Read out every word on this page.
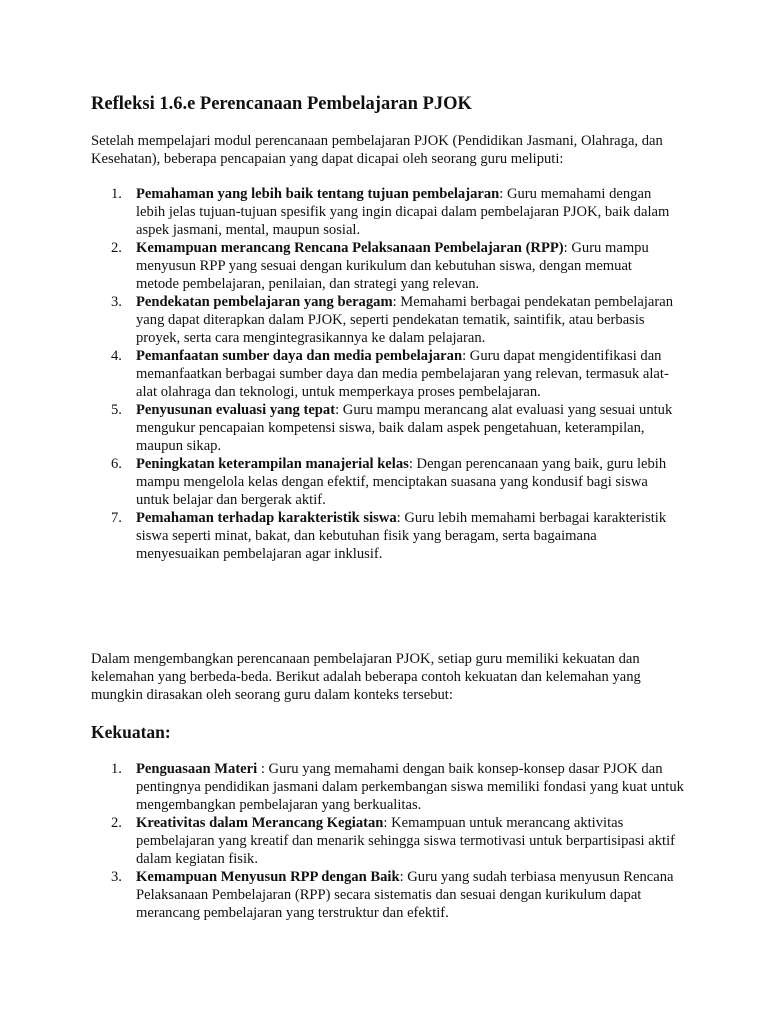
Refleksi 1.6.e Perencanaan Pembelajaran PJOK

Setelah mempelajari modul perencanaan pembelajaran PJOK (Pendidikan Jasmani, Olahraga, dan Kesehatan), beberapa pencapaian yang dapat dicapai oleh seorang guru meliputi:

1. Pemahaman yang lebih baik tentang tujuan pembelajaran: Guru memahami dengan lebih jelas tujuan-tujuan spesifik yang ingin dicapai dalam pembelajaran PJOK, baik dalam aspek jasmani, mental, maupun sosial.
2. Kemampuan merancang Rencana Pelaksanaan Pembelajaran (RPP): Guru mampu menyusun RPP yang sesuai dengan kurikulum dan kebutuhan siswa, dengan memuat metode pembelajaran, penilaian, dan strategi yang relevan.
3. Pendekatan pembelajaran yang beragam: Memahami berbagai pendekatan pembelajaran yang dapat diterapkan dalam PJOK, seperti pendekatan tematik, saintifik, atau berbasis proyek, serta cara mengintegrasikannya ke dalam pelajaran.
4. Pemanfaatan sumber daya dan media pembelajaran: Guru dapat mengidentifikasi dan memanfaatkan berbagai sumber daya dan media pembelajaran yang relevan, termasuk alat-alat olahraga dan teknologi, untuk memperkaya proses pembelajaran.
5. Penyusunan evaluasi yang tepat: Guru mampu merancang alat evaluasi yang sesuai untuk mengukur pencapaian kompetensi siswa, baik dalam aspek pengetahuan, keterampilan, maupun sikap.
6. Peningkatan keterampilan manajerial kelas: Dengan perencanaan yang baik, guru lebih mampu mengelola kelas dengan efektif, menciptakan suasana yang kondusif bagi siswa untuk belajar dan bergerak aktif.
7. Pemahaman terhadap karakteristik siswa: Guru lebih memahami berbagai karakteristik siswa seperti minat, bakat, dan kebutuhan fisik yang beragam, serta bagaimana menyesuaikan pembelajaran agar inklusif.

Dalam mengembangkan perencanaan pembelajaran PJOK, setiap guru memiliki kekuatan dan kelemahan yang berbeda-beda. Berikut adalah beberapa contoh kekuatan dan kelemahan yang mungkin dirasakan oleh seorang guru dalam konteks tersebut:

Kekuatan:
1. Penguasaan Materi : Guru yang memahami dengan baik konsep-konsep dasar PJOK dan pentingnya pendidikan jasmani dalam perkembangan siswa memiliki fondasi yang kuat untuk mengembangkan pembelajaran yang berkualitas.
2. Kreativitas dalam Merancang Kegiatan: Kemampuan untuk merancang aktivitas pembelajaran yang kreatif dan menarik sehingga siswa termotivasi untuk berpartisipasi aktif dalam kegiatan fisik.
3. Kemampuan Menyusun RPP dengan Baik: Guru yang sudah terbiasa menyusun Rencana Pelaksanaan Pembelajaran (RPP) secara sistematis dan sesuai dengan kurikulum dapat merancang pembelajaran yang terstruktur dan efektif.
